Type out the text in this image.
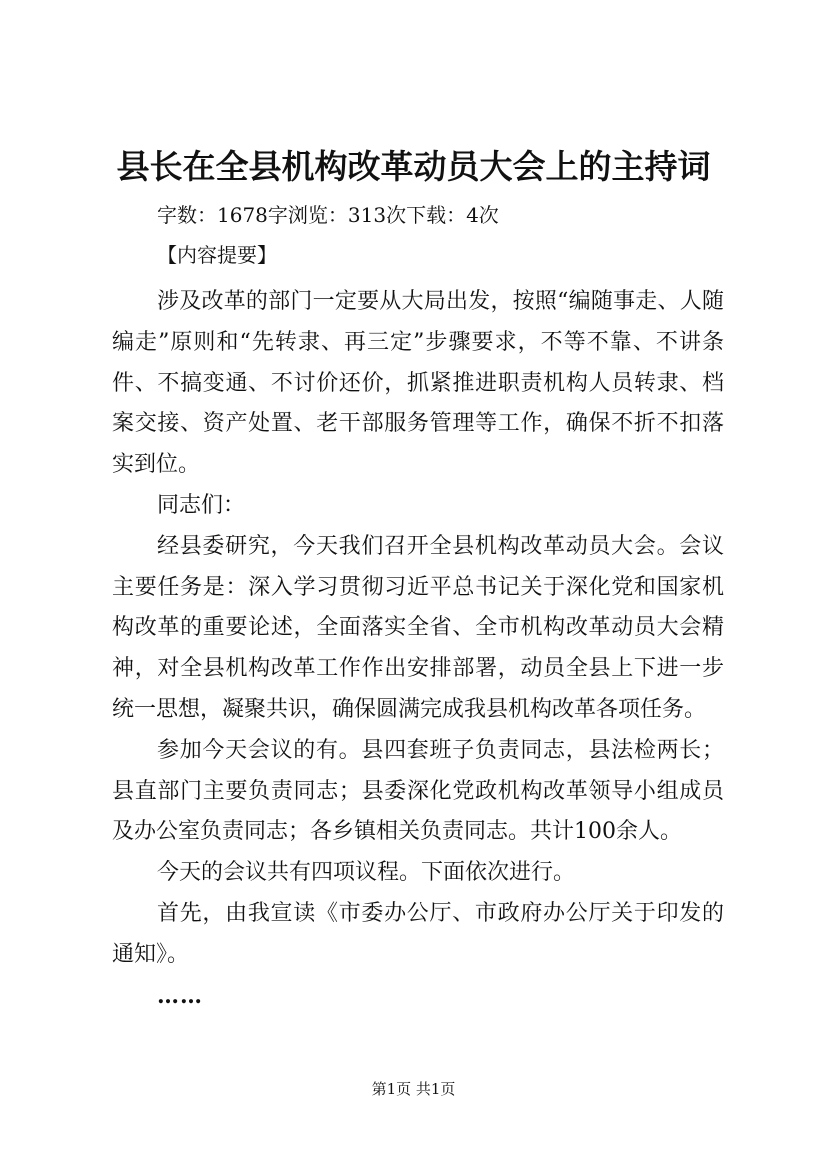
县长在全县机构改革动员大会上的主持词
字数：1678字浏览：313次下载：4次
【内容提要】

涉及改革的部门一定要从大局出发，按照“编随事走、人随编走”原则和“先转隶、再三定”步骤要求，不等不靠、不讲条件、不搞变通、不讨价还价，抓紧推进职责机构人员转隶、档案交接、资产处置、老干部服务管理等工作，确保不折不扣落实到位。

同志们：

经县委研究，今天我们召开全县机构改革动员大会。会议主要任务是：深入学习贯彻习近平总书记关于深化党和国家机构改革的重要论述，全面落实全省、全市机构改革动员大会精神，对全县机构改革工作作出安排部署，动员全县上下进一步统一思想，凝聚共识，确保圆满完成我县机构改革各项任务。

参加今天会议的有。县四套班子负责同志，县法检两长；县直部门主要负责同志；县委深化党政机构改革领导小组成员及办公室负责同志；各乡镇相关负责同志。共计100余人。

今天的会议共有四项议程。下面依次进行。

首先，由我宣读《市委办公厅、市政府办公厅关于印发的通知》。

……

第1页 共1页
